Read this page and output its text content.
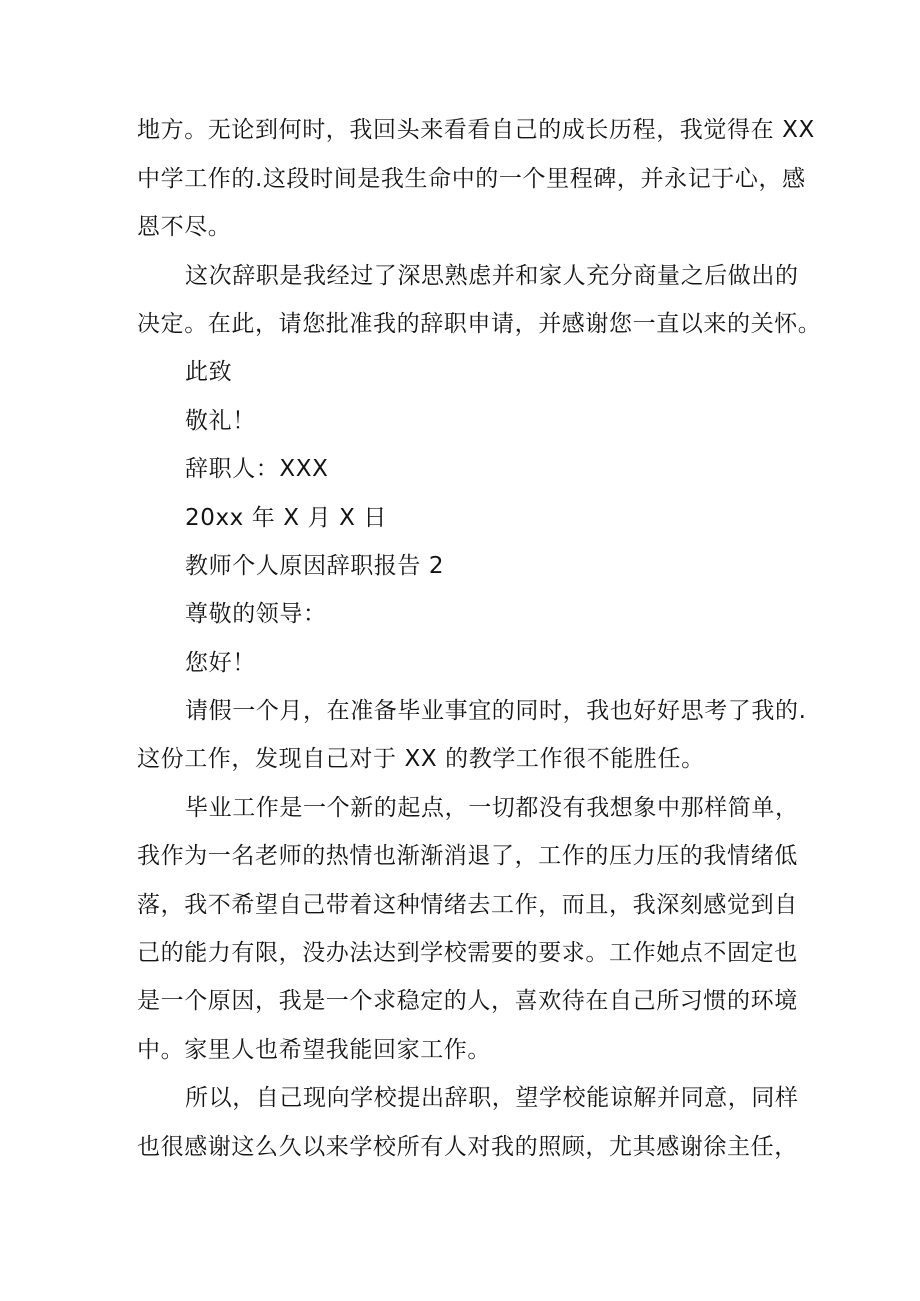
地方。无论到何时，我回头来看看自己的成长历程，我觉得在 XX
中学工作的.这段时间是我生命中的一个里程碑，并永记于心，感
恩不尽。
这次辞职是我经过了深思熟虑并和家人充分商量之后做出的
决定。在此，请您批准我的辞职申请，并感谢您一直以来的关怀。
此致
敬礼！
辞职人：XXX
20xx 年 X 月 X 日
教师个人原因辞职报告 2
尊敬的领导：
您好！
请假一个月，在准备毕业事宜的同时，我也好好思考了我的.
这份工作，发现自己对于 XX 的教学工作很不能胜任。
毕业工作是一个新的起点，一切都没有我想象中那样简单，
我作为一名老师的热情也渐渐消退了，工作的压力压的我情绪低
落，我不希望自己带着这种情绪去工作，而且，我深刻感觉到自
己的能力有限，没办法达到学校需要的要求。工作她点不固定也
是一个原因，我是一个求稳定的人，喜欢待在自己所习惯的环境
中。家里人也希望我能回家工作。
所以，自己现向学校提出辞职，望学校能谅解并同意，同样
也很感谢这么久以来学校所有人对我的照顾，尤其感谢徐主任，
